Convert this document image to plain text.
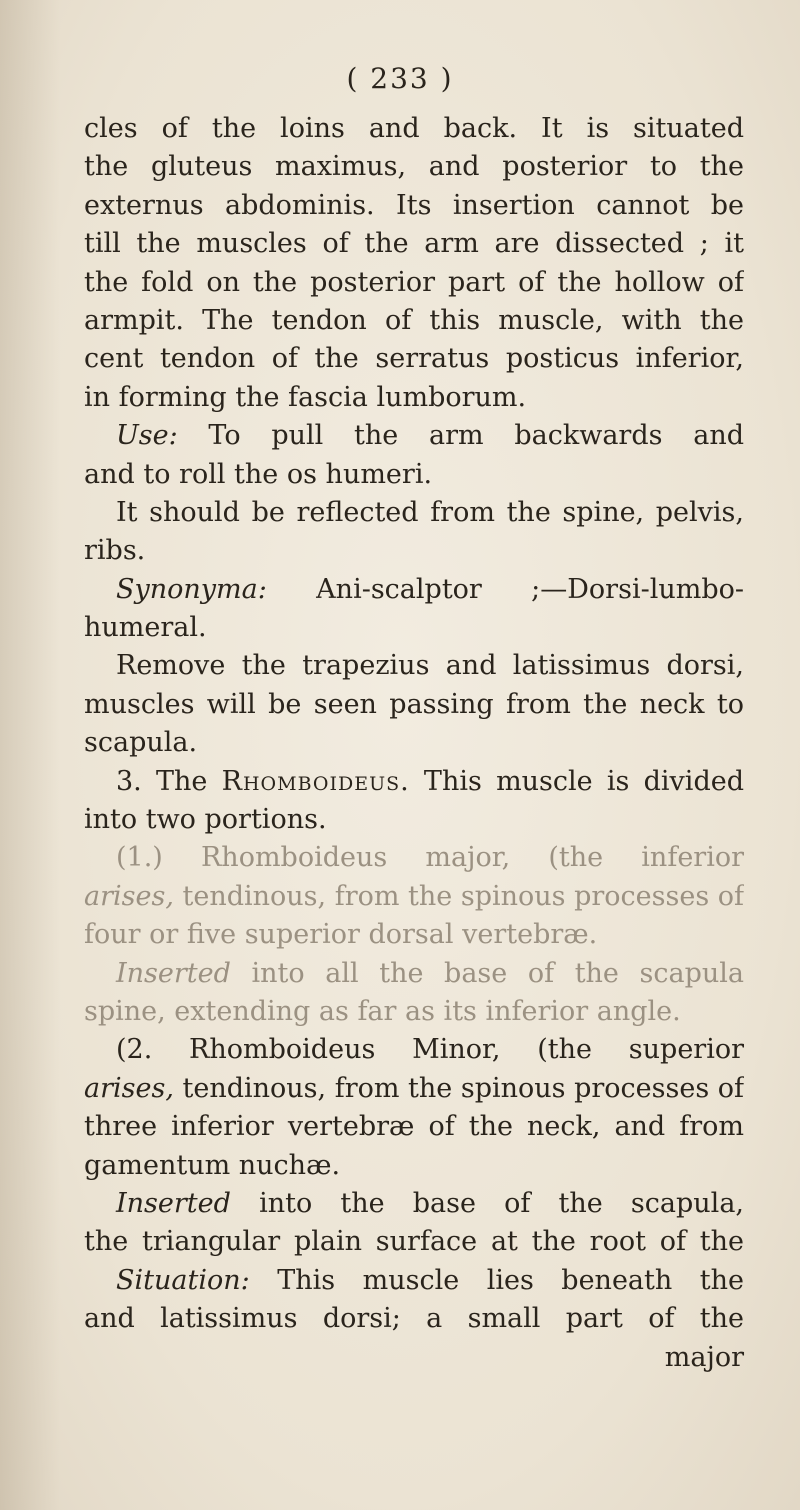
( 233 )
cles of the loins and back. It is situated
the gluteus maximus, and posterior to the
externus abdominis. Its insertion cannot be
till the muscles of the arm are dissected ; it
the fold on the posterior part of the hollow of
armpit. The tendon of this muscle, with the
cent tendon of the serratus posticus inferior,
in forming the fascia lumborum.
Use: To pull the arm backwards and
and to roll the os humeri.
It should be reflected from the spine, pelvis,
ribs.
Synonyma: Ani-scalptor ;—Dorsi-lumbo-
humeral.
Remove the trapezius and latissimus dorsi,
muscles will be seen passing from the neck to
scapula.
3. The Rhomboideus. This muscle is divided
into two portions.
(1.) Rhomboideus major, (the inferior
arises, tendinous, from the spinous processes of
four or five superior dorsal vertebræ.
Inserted into all the base of the scapula
spine, extending as far as its inferior angle.
(2. Rhomboideus Minor, (the superior
arises, tendinous, from the spinous processes of
three inferior vertebræ of the neck, and from
gamentum nuchæ.
Inserted into the base of the scapula,
the triangular plain surface at the root of the
Situation: This muscle lies beneath the
and latissimus dorsi; a small part of the
major
